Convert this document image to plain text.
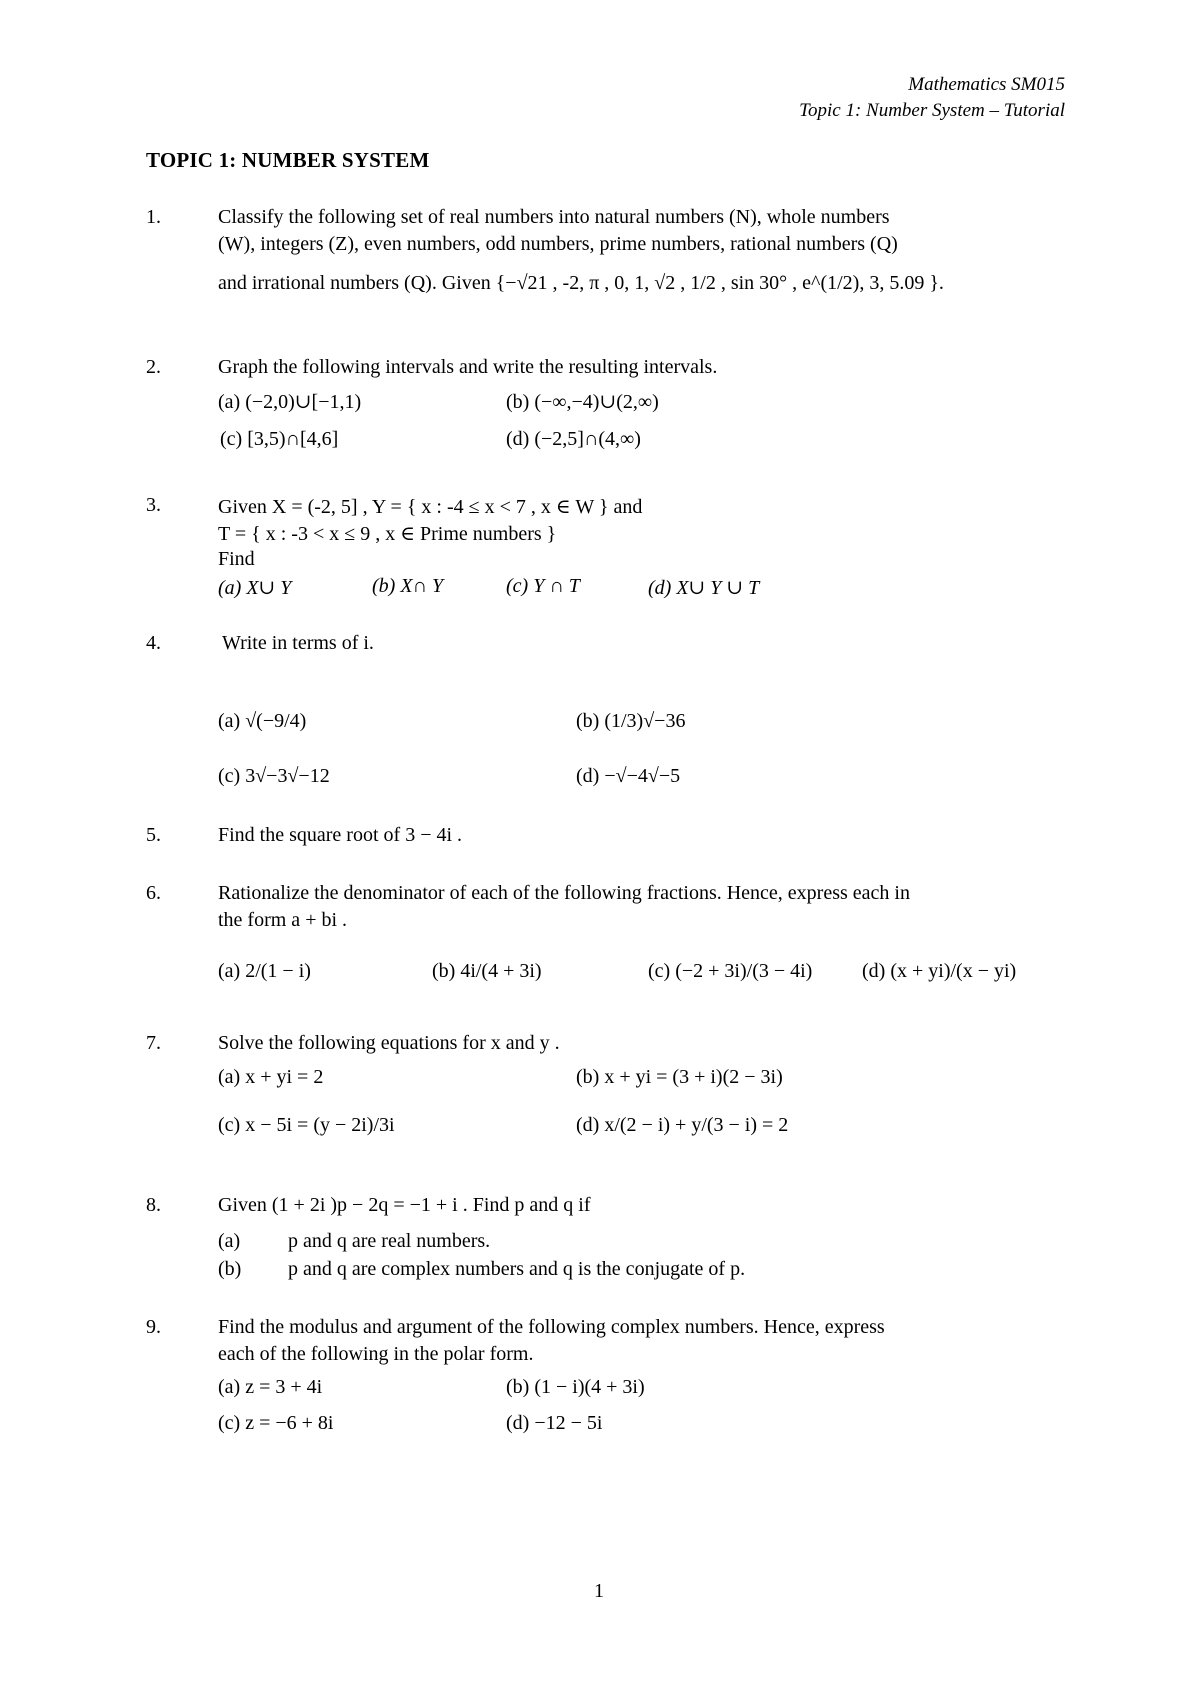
Mathematics SM015
Topic 1: Number System – Tutorial
TOPIC 1: NUMBER SYSTEM
1.	Classify the following set of real numbers into natural numbers (N), whole numbers
(W), integers (Z), even numbers, odd numbers, prime numbers, rational numbers (Q)
and irrational numbers (Q). Given {−√21 , -2, π , 0, 1, √2 , 1/2 , sin 30° , e^(1/2), 3, 5.09 }.
2.	Graph the following intervals and write the resulting intervals.
(a) (−2,0)∪[−1,1)	(b) (−∞,−4)∪(2,∞)
(c) [3,5)∩[4,6]	(d) (−2,5]∩(4,∞)
3.	Given X = (-2, 5] , Y = { x : -4 ≤ x < 7 , x ∈ W } and
T = { x : -3 < x ≤ 9 , x ∈ Prime numbers }
Find
(a) X∪ Y	(b) X∩ Y	(c) Y ∩ T	(d) X∪ Y ∪ T
4.	Write in terms of i.
(a) √(−9/4)	(b) (1/3)√−36
(c) 3√−3√−12	(d) −√−4√−5
5.	Find the square root of 3 − 4i .
6.	Rationalize the denominator of each of the following fractions. Hence, express each in
the form a + bi .
(a) 2/(1 − i)	(b) 4i/(4 + 3i)	(c) (−2 + 3i)/(3 − 4i) (d) (x + yi)/(x − yi)
7.	Solve the following equations for x and y .
(a) x + yi = 2	(b) x + yi = (3 + i)(2 − 3i)
(c) x − 5i = (y − 2i)/3i	(d) x/(2 − i) + y/(3 − i) = 2
8.	Given (1 + 2i )p − 2q = −1 + i . Find p and q if
(a) p and q are real numbers.
(b) p and q are complex numbers and q is the conjugate of p.
9.	Find the modulus and argument of the following complex numbers. Hence, express
each of the following in the polar form.
(a) z = 3 + 4i	(b) (1 − i)(4 + 3i)
(c) z = −6 + 8i	(d) −12 − 5i
1
